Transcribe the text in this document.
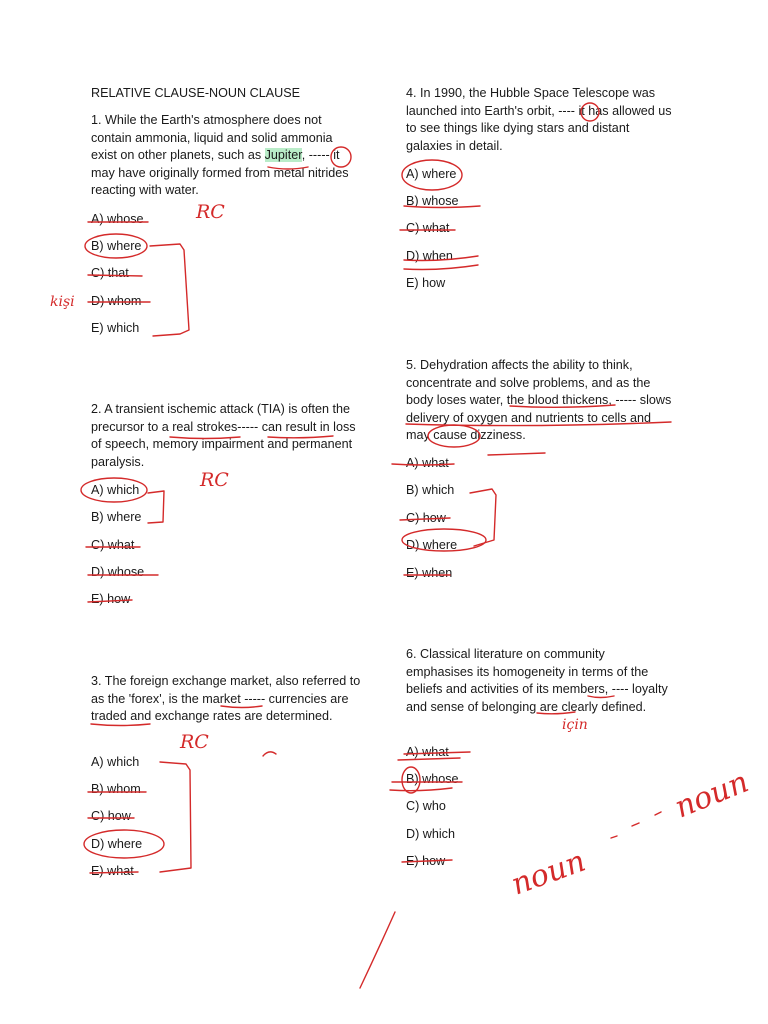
RELATIVE CLAUSE-NOUN CLAUSE

1. While the Earth's atmosphere does not contain ammonia, liquid and solid ammonia exist on other planets, such as Jupiter, ----- it may have originally formed from metal nitrides reacting with water.

A) whose
B) where
C) that
D) whom
E) which

2. A transient ischemic attack (TIA) is often the precursor to a real strokes----- can result in loss of speech, memory impairment and permanent paralysis.

A) which
B) where
C) what
D) whose
E) how

3. The foreign exchange market, also referred to as the 'forex', is the market ----- currencies are traded and exchange rates are determined.

A) which
B) whom
C) how
D) where
E) what

4. In 1990, the Hubble Space Telescope was launched into Earth's orbit, ---- it has allowed us to see things like dying stars and distant galaxies in detail.

A) where
B) whose
C) what
D) when
E) how

5. Dehydration affects the ability to think, concentrate and solve problems, and as the body loses water, the blood thickens, ----- slows delivery of oxygen and nutrients to cells and may cause dizziness.

A) what
B) which
C) how
D) where
E) when

6. Classical literature on community emphasises its homogeneity in terms of the beliefs and activities of its members, ---- loyalty and sense of belonging are clearly defined.

A) what
B) whose
C) who
D) which
E) how
RC
kişi
RC
RC
için
noun
noun
